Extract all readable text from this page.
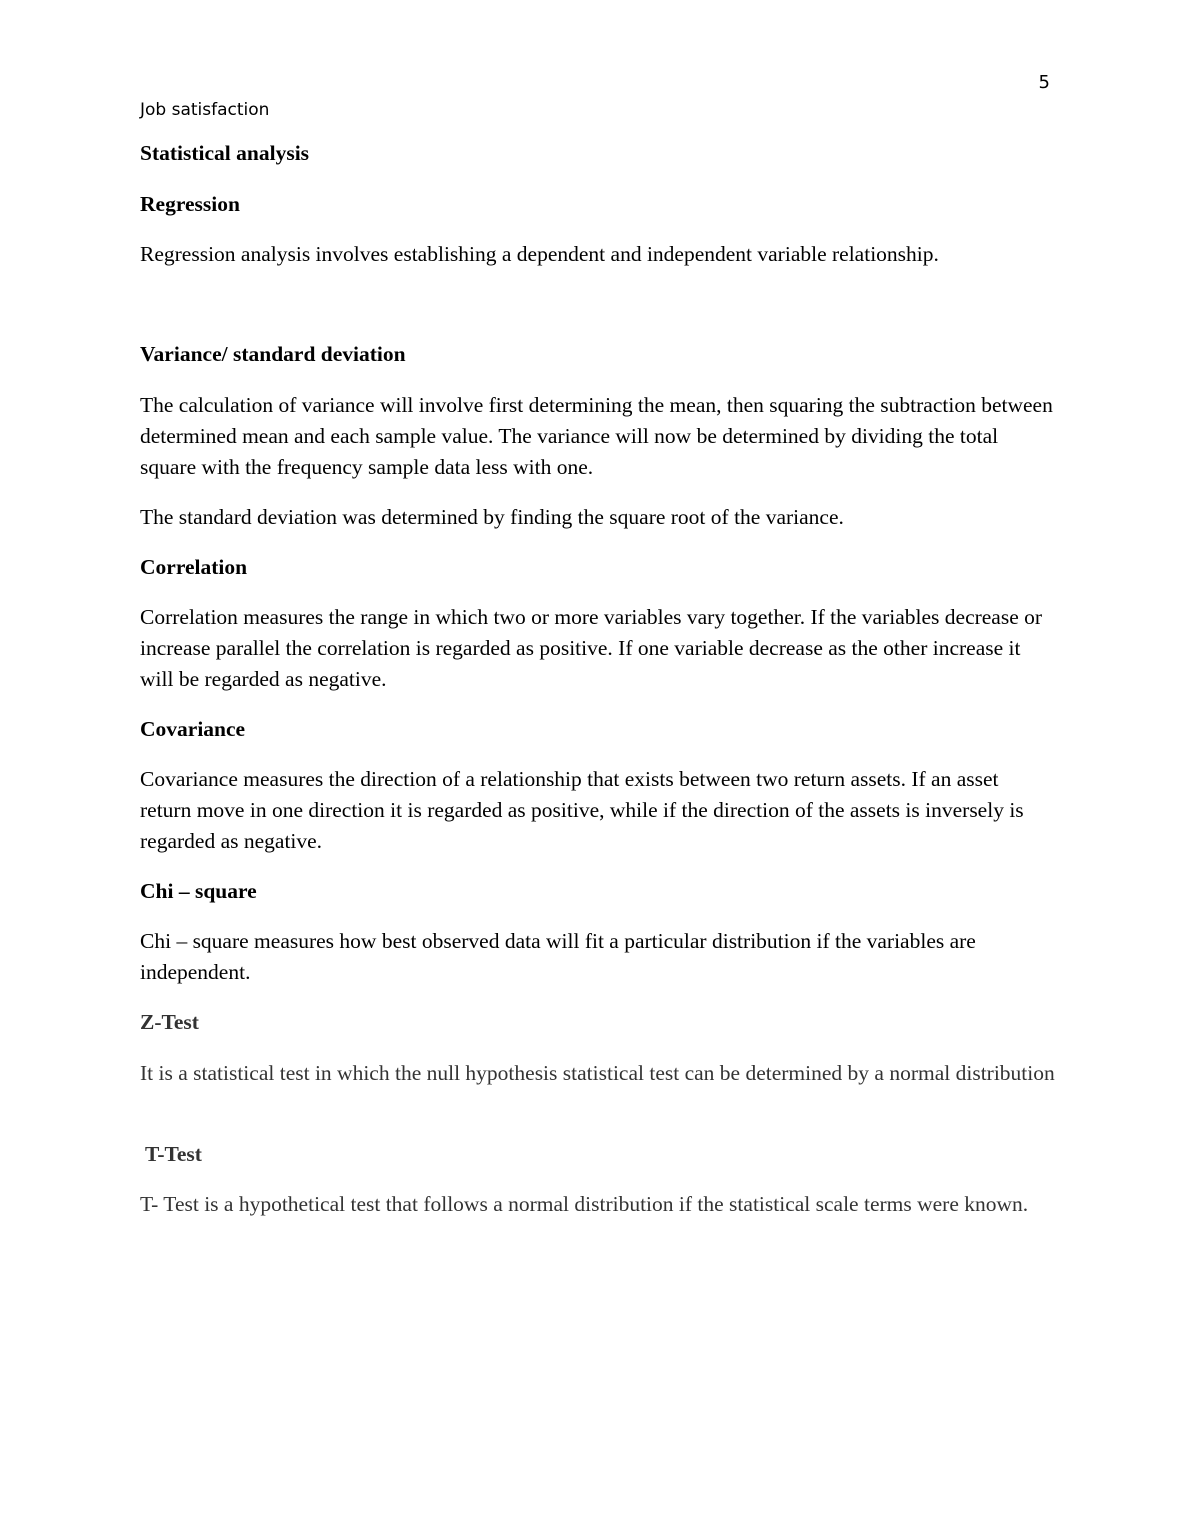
5
Job satisfaction

Statistical analysis

Regression

Regression analysis involves establishing a dependent and independent variable relationship.

Variance/ standard deviation

The calculation of variance will involve first determining the mean, then squaring the subtraction between determined mean and each sample value. The variance will now be determined by dividing the total square with the frequency sample data less with one.

The standard deviation was determined by finding the square root of the variance.

Correlation

Correlation measures the range in which two or more variables vary together. If the variables decrease or increase parallel the correlation is regarded as positive. If one variable decrease as the other increase it will be regarded as negative.

Covariance

Covariance measures the direction of a relationship that exists between two return assets. If an asset return move in one direction it is regarded as positive, while if the direction of the assets is inversely is regarded as negative.

Chi – square

Chi – square measures how best observed data will fit a particular distribution if the variables are independent.

Z-Test

It is a statistical test in which the null hypothesis statistical test can be determined by a normal distribution

T-Test

T- Test is a hypothetical test that follows a normal distribution if the statistical scale terms were known.
